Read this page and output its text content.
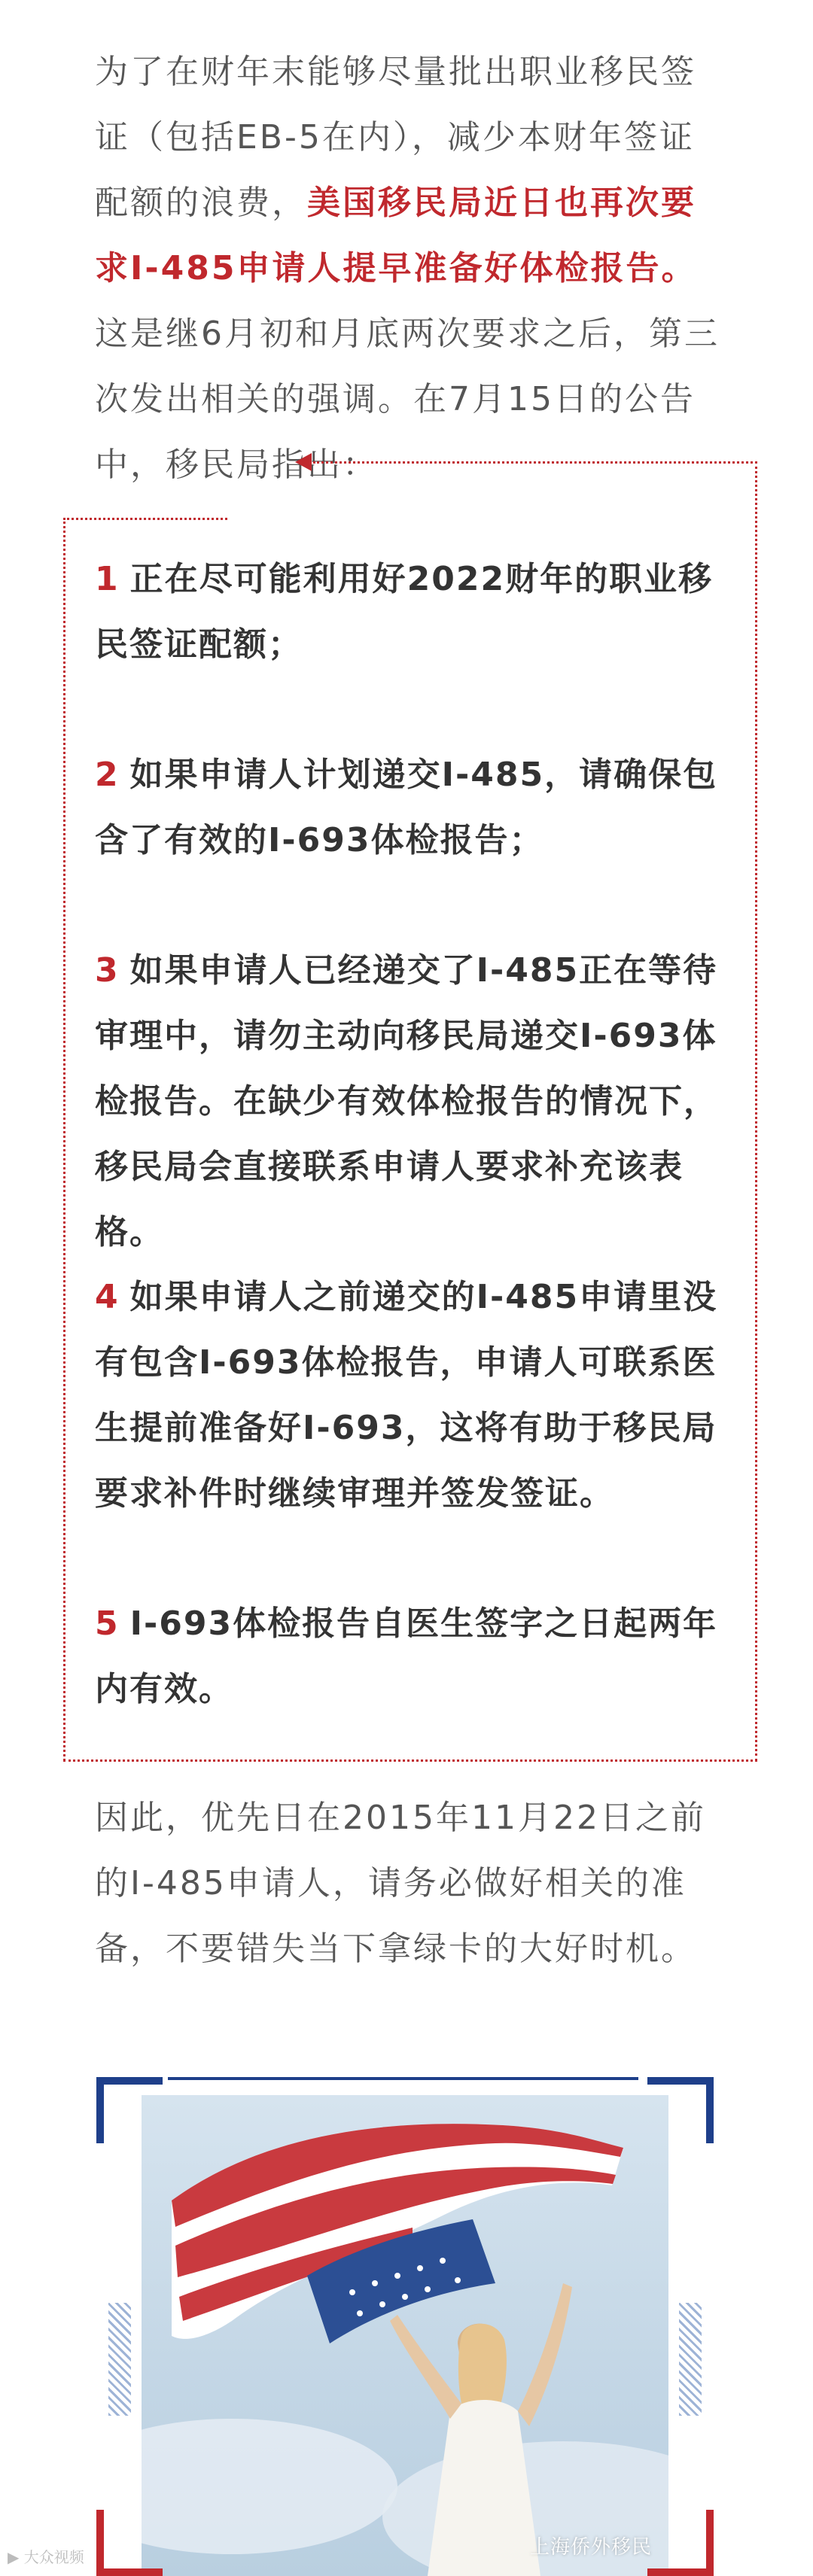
为了在财年末能够尽量批出职业移民签证（包括EB-5在内），减少本财年签证配额的浪费，美国移民局近日也再次要求I-485申请人提早准备好体检报告。这是继6月初和月底两次要求之后，第三次发出相关的强调。在7月15日的公告中，移民局指出：

1 正在尽可能利用好2022财年的职业移民签证配额；

2 如果申请人计划递交I-485，请确保包含了有效的I-693体检报告；

3 如果申请人已经递交了I-485正在等待审理中，请勿主动向移民局递交I-693体检报告。在缺少有效体检报告的情况下，移民局会直接联系申请人要求补充该表格。

4 如果申请人之前递交的I-485申请里没有包含I-693体检报告，申请人可联系医生提前准备好I-693，这将有助于移民局要求补件时继续审理并签发签证。

5 I-693体检报告自医生签字之日起两年内有效。

因此，优先日在2015年11月22日之前的I-485申请人，请务必做好相关的准备，不要错失当下拿绿卡的大好时机。

上海侨外移民
▶ 大众视频
